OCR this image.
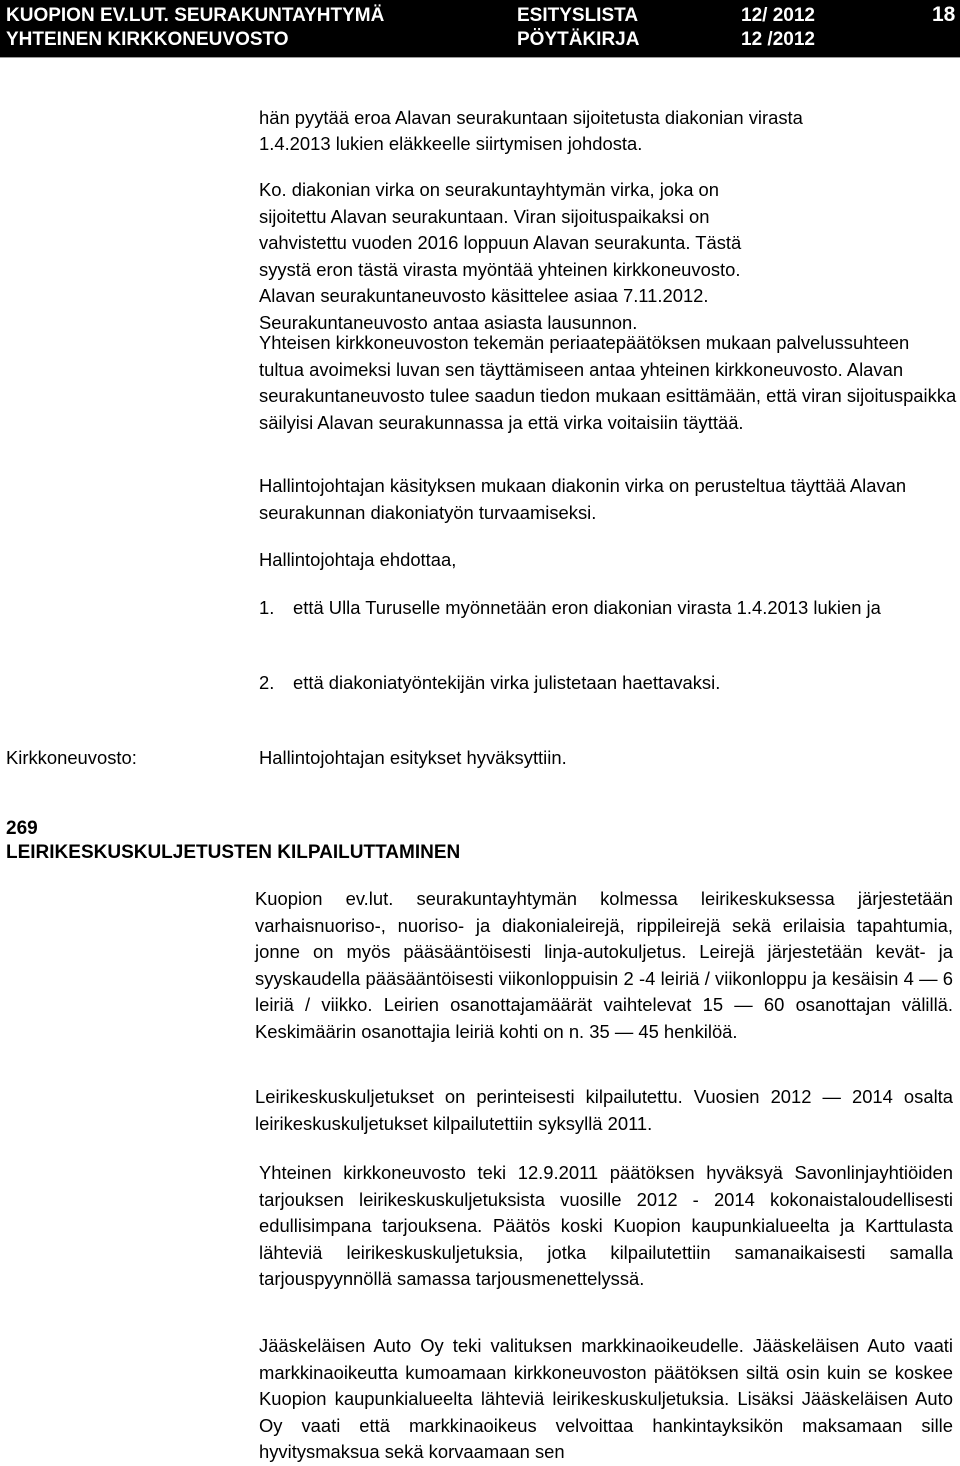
KUOPION EV.LUT. SEURAKUNTAYHTYMÄ
YHTEINEN KIRKKONEUVOSTO
ESITYSLISTA
PÖYTÄKIRJA
12/ 2012
12 /2012
18
hän pyytää eroa Alavan seurakuntaan sijoitetusta diakonian virasta
1.4.2013 lukien eläkkeelle siirtymisen johdosta.

Ko. diakonian virka on seurakuntayhtymän virka, joka on sijoitettu Alavan seurakuntaan. Viran sijoituspaikaksi on vahvistettu vuoden 2016 loppuun Alavan seurakunta. Tästä syystä eron tästä virasta myöntää yhteinen kirkkoneuvosto. Alavan seurakuntaneuvosto käsittelee asiaa 7.11.2012. Seurakuntaneuvosto antaa asiasta lausunnon.

Yhteisen kirkkoneuvoston tekemän periaatepäätöksen mukaan palvelussuhteen tultua avoimeksi luvan sen täyttämiseen antaa yhteinen kirkkoneuvosto. Alavan seurakuntaneuvosto tulee saadun tiedon mukaan esittämään, että viran sijoituspaikka säilyisi Alavan seurakunnassa ja että virka voitaisiin täyttää.

Hallintojohtajan käsityksen mukaan diakonin virka on perusteltua täyttää Alavan seurakunnan diakoniatyön turvaamiseksi.

Hallintojohtaja ehdottaa,
1. että Ulla Turuselle myönnetään eron diakonian virasta 1.4.2013 lukien ja
2. että diakoniatyöntekijän virka julistetaan haettavaksi.
Kirkkoneuvosto:	Hallintojohtajan esitykset hyväksyttiin.
269
LEIRIKESKUSKULJETUSTEN KILPAILUTTAMINEN

Kuopion ev.lut. seurakuntayhtymän kolmessa leirikeskuksessa järjestetään varhaisnuoriso-, nuoriso- ja diakonialeirejä, rippileirejä sekä erilaisia tapahtumia, jonne on myös pääsääntöisesti linja-autokuljetus. Leirejä järjestetään kevät- ja syyskaudella pääsääntöisesti viikonloppuisin 2 -4 leiriä / viikonloppu ja kesäisin 4 — 6 leiriä / viikko. Leirien osanottajamäärät vaihtelevat 15 — 60 osanottajan välillä. Keskimäärin osanottajia leiriä kohti on n. 35 — 45 henkilöä.

Leirikeskuskuljetukset on perinteisesti kilpailutettu. Vuosien 2012 — 2014 osalta leirikeskuskuljetukset kilpailutettiin syksyllä 2011.

Yhteinen kirkkoneuvosto teki 12.9.2011 päätöksen hyväksyä Savonlinjayhtiöiden tarjouksen leirikeskuskuljetuksista vuosille 2012 - 2014 kokonaistaloudellisesti edullisimpana tarjouksena. Päätös koski Kuopion kaupunkialueelta ja Karttulasta lähteviä leirikeskuskuljetuksia, jotka kilpailutettiin samanaikaisesti samalla tarjouspyynnöllä samassa tarjousmenettelyssä.

Jääskeläisen Auto Oy teki valituksen markkinaoikeudelle. Jääskeläisen Auto vaati markkinaoikeutta kumoamaan kirkkoneuvoston päätöksen siltä osin kuin se koskee Kuopion kaupunkialueelta lähteviä leirikeskuskuljetuksia. Lisäksi Jääskeläisen Auto Oy vaati että markkinaoikeus velvoittaa hankintayksikön maksamaan sille hyvitysmaksua sekä korvaamaan sen
